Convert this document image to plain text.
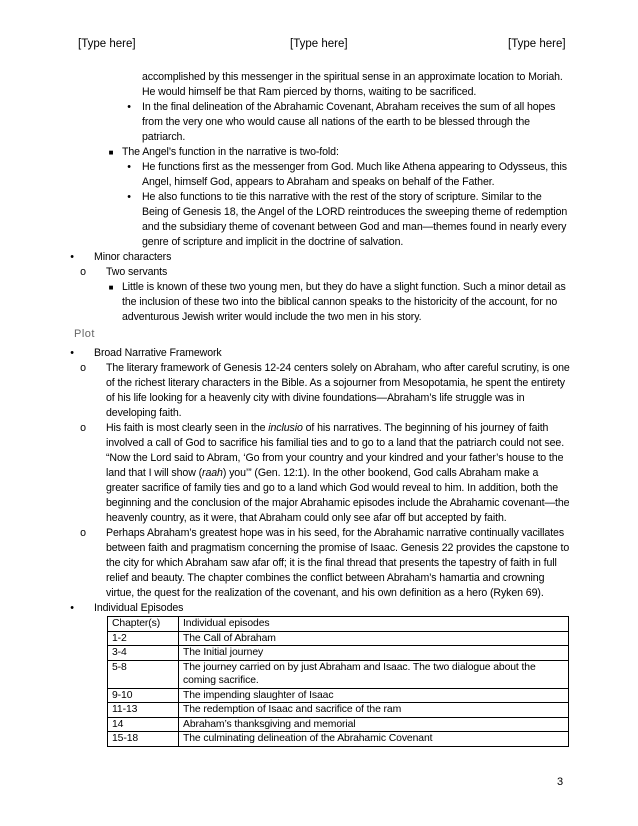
[Type here]	[Type here]	[Type here]
accomplished by this messenger in the spiritual sense in an approximate location to Moriah. He would himself be that Ram pierced by thorns, waiting to be sacrificed.
•	In the final delineation of the Abrahamic Covenant, Abraham receives the sum of all hopes from the very one who would cause all nations of the earth to be blessed through the patriarch.
■ The Angel’s function in the narrative is two-fold:
•	He functions first as the messenger from God. Much like Athena appearing to Odysseus, this Angel, himself God, appears to Abraham and speaks on behalf of the Father.
•	He also functions to tie this narrative with the rest of the story of scripture. Similar to the Being of Genesis 18, the Angel of the LORD reintroduces the sweeping theme of redemption and the subsidiary theme of covenant between God and man—themes found in nearly every genre of scripture and implicit in the doctrine of salvation.
•	Minor characters
o Two servants
■ Little is known of these two young men, but they do have a slight function. Such a minor detail as the inclusion of these two into the biblical cannon speaks to the historicity of the account, for no adventurous Jewish writer would include the two men in his story.
Plot
•	Broad Narrative Framework
o The literary framework of Genesis 12-24 centers solely on Abraham, who after careful scrutiny, is one of the richest literary characters in the Bible. As a sojourner from Mesopotamia, he spent the entirety of his life looking for a heavenly city with divine foundations—Abraham’s life struggle was in developing faith.
o His faith is most clearly seen in the inclusio of his narratives. The beginning of his journey of faith involved a call of God to sacrifice his familial ties and to go to a land that the patriarch could not see. “Now the Lord said to Abram, ‘Go from your country and your kindred and your father’s house to the land that I will show (raah) you’” (Gen. 12:1). In the other bookend, God calls Abraham make a greater sacrifice of family ties and go to a land which God would reveal to him. In addition, both the beginning and the conclusion of the major Abrahamic episodes include the Abrahamic covenant—the heavenly country, as it were, that Abraham could only see afar off but accepted by faith.
o Perhaps Abraham’s greatest hope was in his seed, for the Abrahamic narrative continually vacillates between faith and pragmatism concerning the promise of Isaac. Genesis 22 provides the capstone to the city for which Abraham saw afar off; it is the final thread that presents the tapestry of faith in full relief and beauty. The chapter combines the conflict between Abraham’s hamartia and crowning virtue, the quest for the realization of the covenant, and his own definition as a hero (Ryken 69).
•	Individual Episodes
Chapter(s)	Individual episodes
1-2	The Call of Abraham
3-4	The Initial journey
5-8	The journey carried on by just Abraham and Isaac. The two dialogue about the coming sacrifice.
9-10	The impending slaughter of Isaac
11-13	The redemption of Isaac and sacrifice of the ram
14	Abraham’s thanksgiving and memorial
15-18	The culminating delineation of the Abrahamic Covenant
3
